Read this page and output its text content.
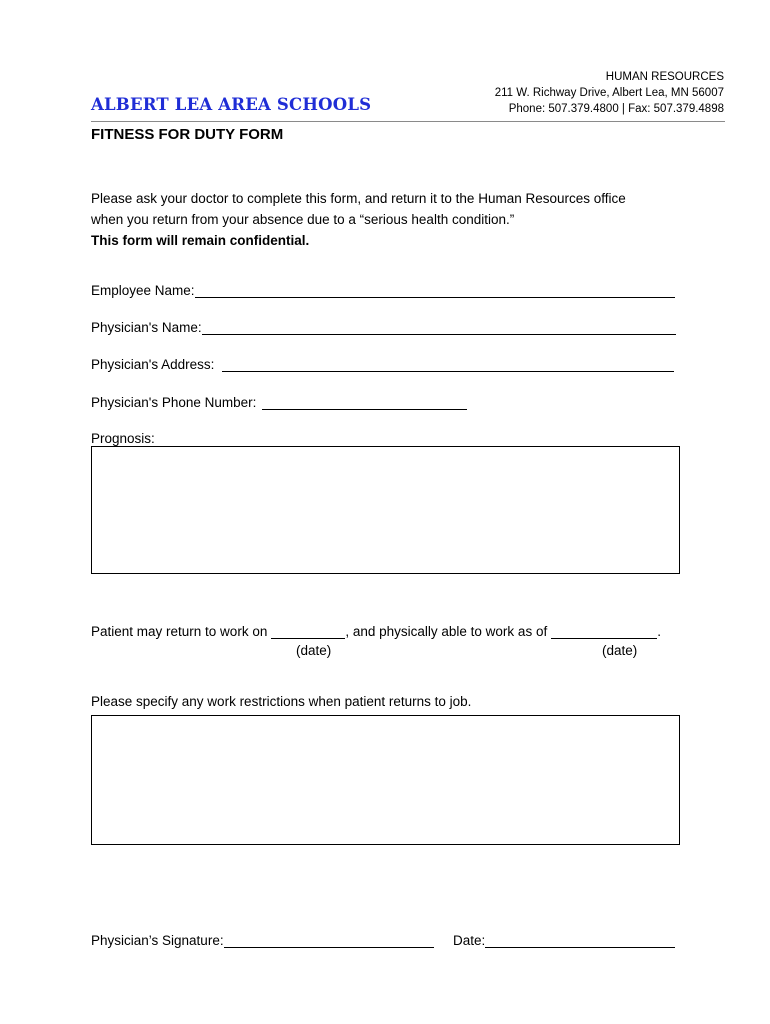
HUMAN RESOURCES
211 W. Richway Drive, Albert Lea, MN 56007
Phone: 507.379.4800 | Fax: 507.379.4898
ALBERT LEA AREA SCHOOLS
FITNESS FOR DUTY FORM
Please ask your doctor to complete this form, and return it to the Human Resources office
when you return from your absence due to a “serious health condition.”
This form will remain confidential.
Employee Name:
Physician's Name:
Physician's Address:
Physician's Phone Number:
Prognosis:
Patient may return to work on	, and physically able to work as of	.
(date)	(date)
Please specify any work restrictions when patient returns to job.
Physician’s Signature:	Date:
